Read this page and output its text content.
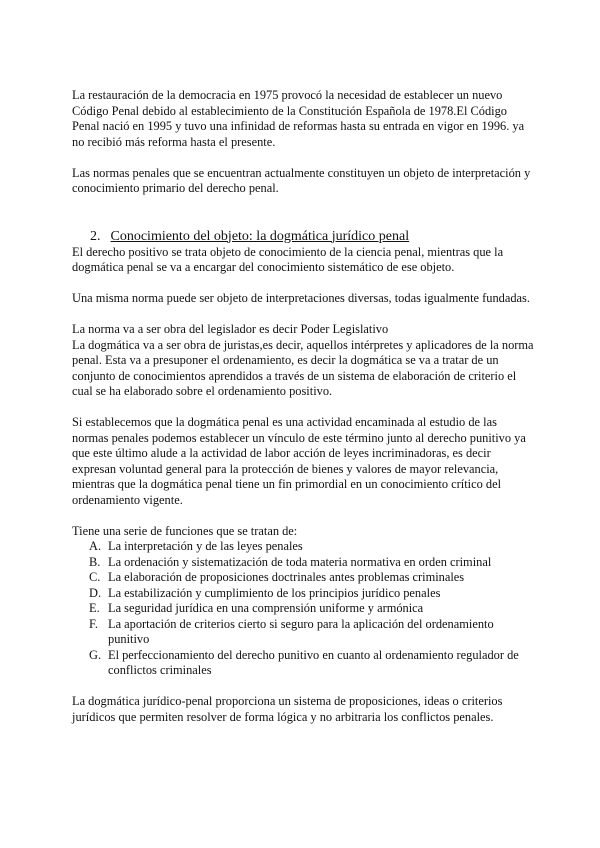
La restauración de la democracia en 1975 provocó la necesidad de establecer un nuevo Código Penal debido al establecimiento de la Constitución Española de 1978.El Código Penal nació en 1995 y tuvo una infinidad de reformas hasta su entrada en vigor en 1996. ya no recibió más reforma hasta el presente.

Las normas penales que se encuentran actualmente constituyen un objeto de interpretación y conocimiento primario del derecho penal.

2. Conocimiento del objeto: la dogmática jurídico penal

El derecho positivo se trata objeto de conocimiento de la ciencia penal, mientras que la dogmática penal se va a encargar del conocimiento sistemático de ese objeto.

Una misma norma puede ser objeto de interpretaciones diversas, todas igualmente fundadas.

La norma va a ser obra del legislador es decir Poder Legislativo

La dogmática va a ser obra de juristas,es decir, aquellos intérpretes y aplicadores de la norma penal. Esta va a presuponer el ordenamiento, es decir la dogmática se va a tratar de un conjunto de conocimientos aprendidos a través de un sistema de elaboración de criterio el cual se ha elaborado sobre el ordenamiento positivo.

Si establecemos que la dogmática penal es una actividad encaminada al estudio de las normas penales podemos establecer un vínculo de este término junto al derecho punitivo ya que este último alude a la actividad de labor acción de leyes incriminadoras, es decir expresan voluntad general para la protección de bienes y valores de mayor relevancia, mientras que la dogmática penal tiene un fin primordial en un conocimiento crítico del ordenamiento vigente.

Tiene una serie de funciones que se tratan de:

A. La interpretación y de las leyes penales
B. La ordenación y sistematización de toda materia normativa en orden criminal
C. La elaboración de proposiciones doctrinales antes problemas criminales
D. La estabilización y cumplimiento de los principios jurídico penales
E. La seguridad jurídica en una comprensión uniforme y armónica
F. La aportación de criterios cierto si seguro para la aplicación del ordenamiento punitivo
G. El perfeccionamiento del derecho punitivo en cuanto al ordenamiento regulador de conflictos criminales

La dogmática jurídico-penal proporciona un sistema de proposiciones, ideas o criterios jurídicos que permiten resolver de forma lógica y no arbitraria los conflictos penales.
